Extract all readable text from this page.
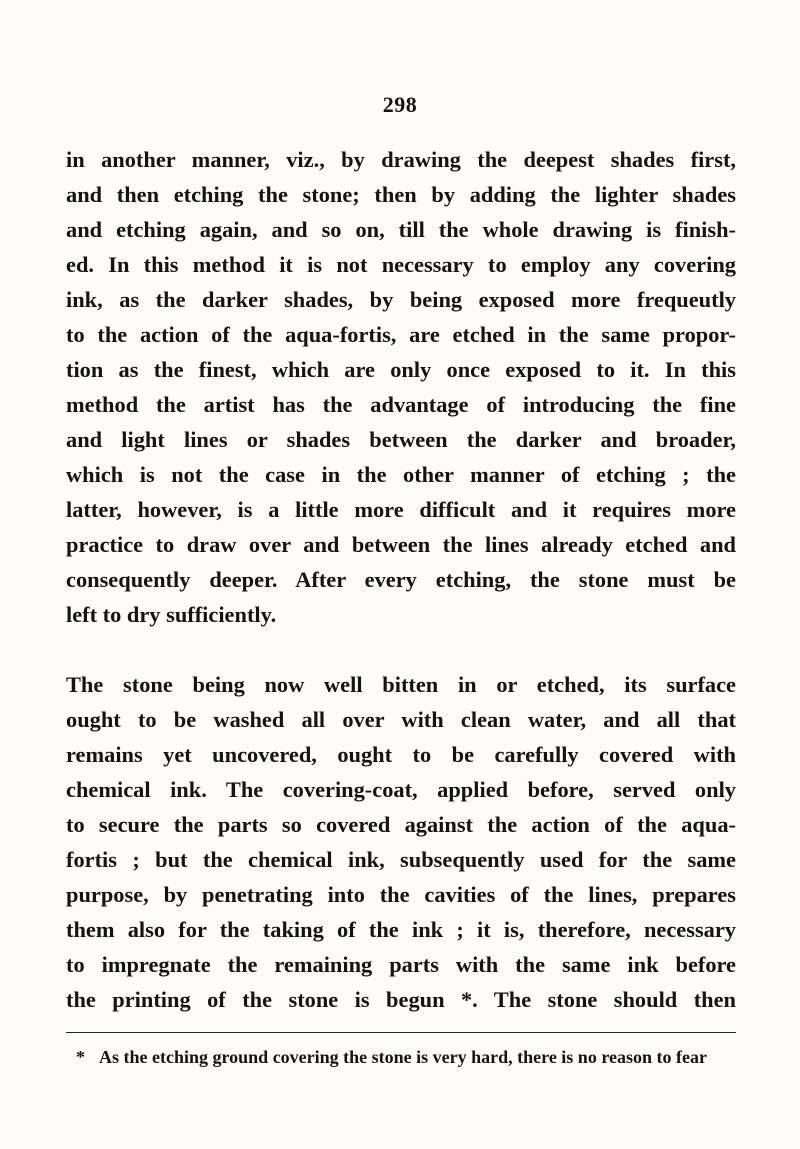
298
in another manner, viz., by drawing the deepest shades first,
and then etching the stone; then by adding the lighter shades
and etching again, and so on, till the whole drawing is finish-
ed. In this method it is not necessary to employ any covering
ink, as the darker shades, by being exposed more frequeutly
to the action of the aqua-fortis, are etched in the same propor-
tion as the finest, which are only once exposed to it. In this
method the artist has the advantage of introducing the fine
and light lines or shades between the darker and broader,
which is not the case in the other manner of etching ; the
latter, however, is a little more difficult and it requires more
practice to draw over and between the lines already etched and
consequently deeper. After every etching, the stone must be
left to dry sufficiently.
The stone being now well bitten in or etched, its surface
ought to be washed all over with clean water, and all that
remains yet uncovered, ought to be carefully covered with
chemical ink. The covering-coat, applied before, served only
to secure the parts so covered against the action of the aqua-
fortis ; but the chemical ink, subsequently used for the same
purpose, by penetrating into the cavities of the lines, prepares
them also for the taking of the ink ; it is, therefore, necessary
to impregnate the remaining parts with the same ink before
the printing of the stone is begun *. The stone should then
* As the etching ground covering the stone is very hard, there is no reason to fear
